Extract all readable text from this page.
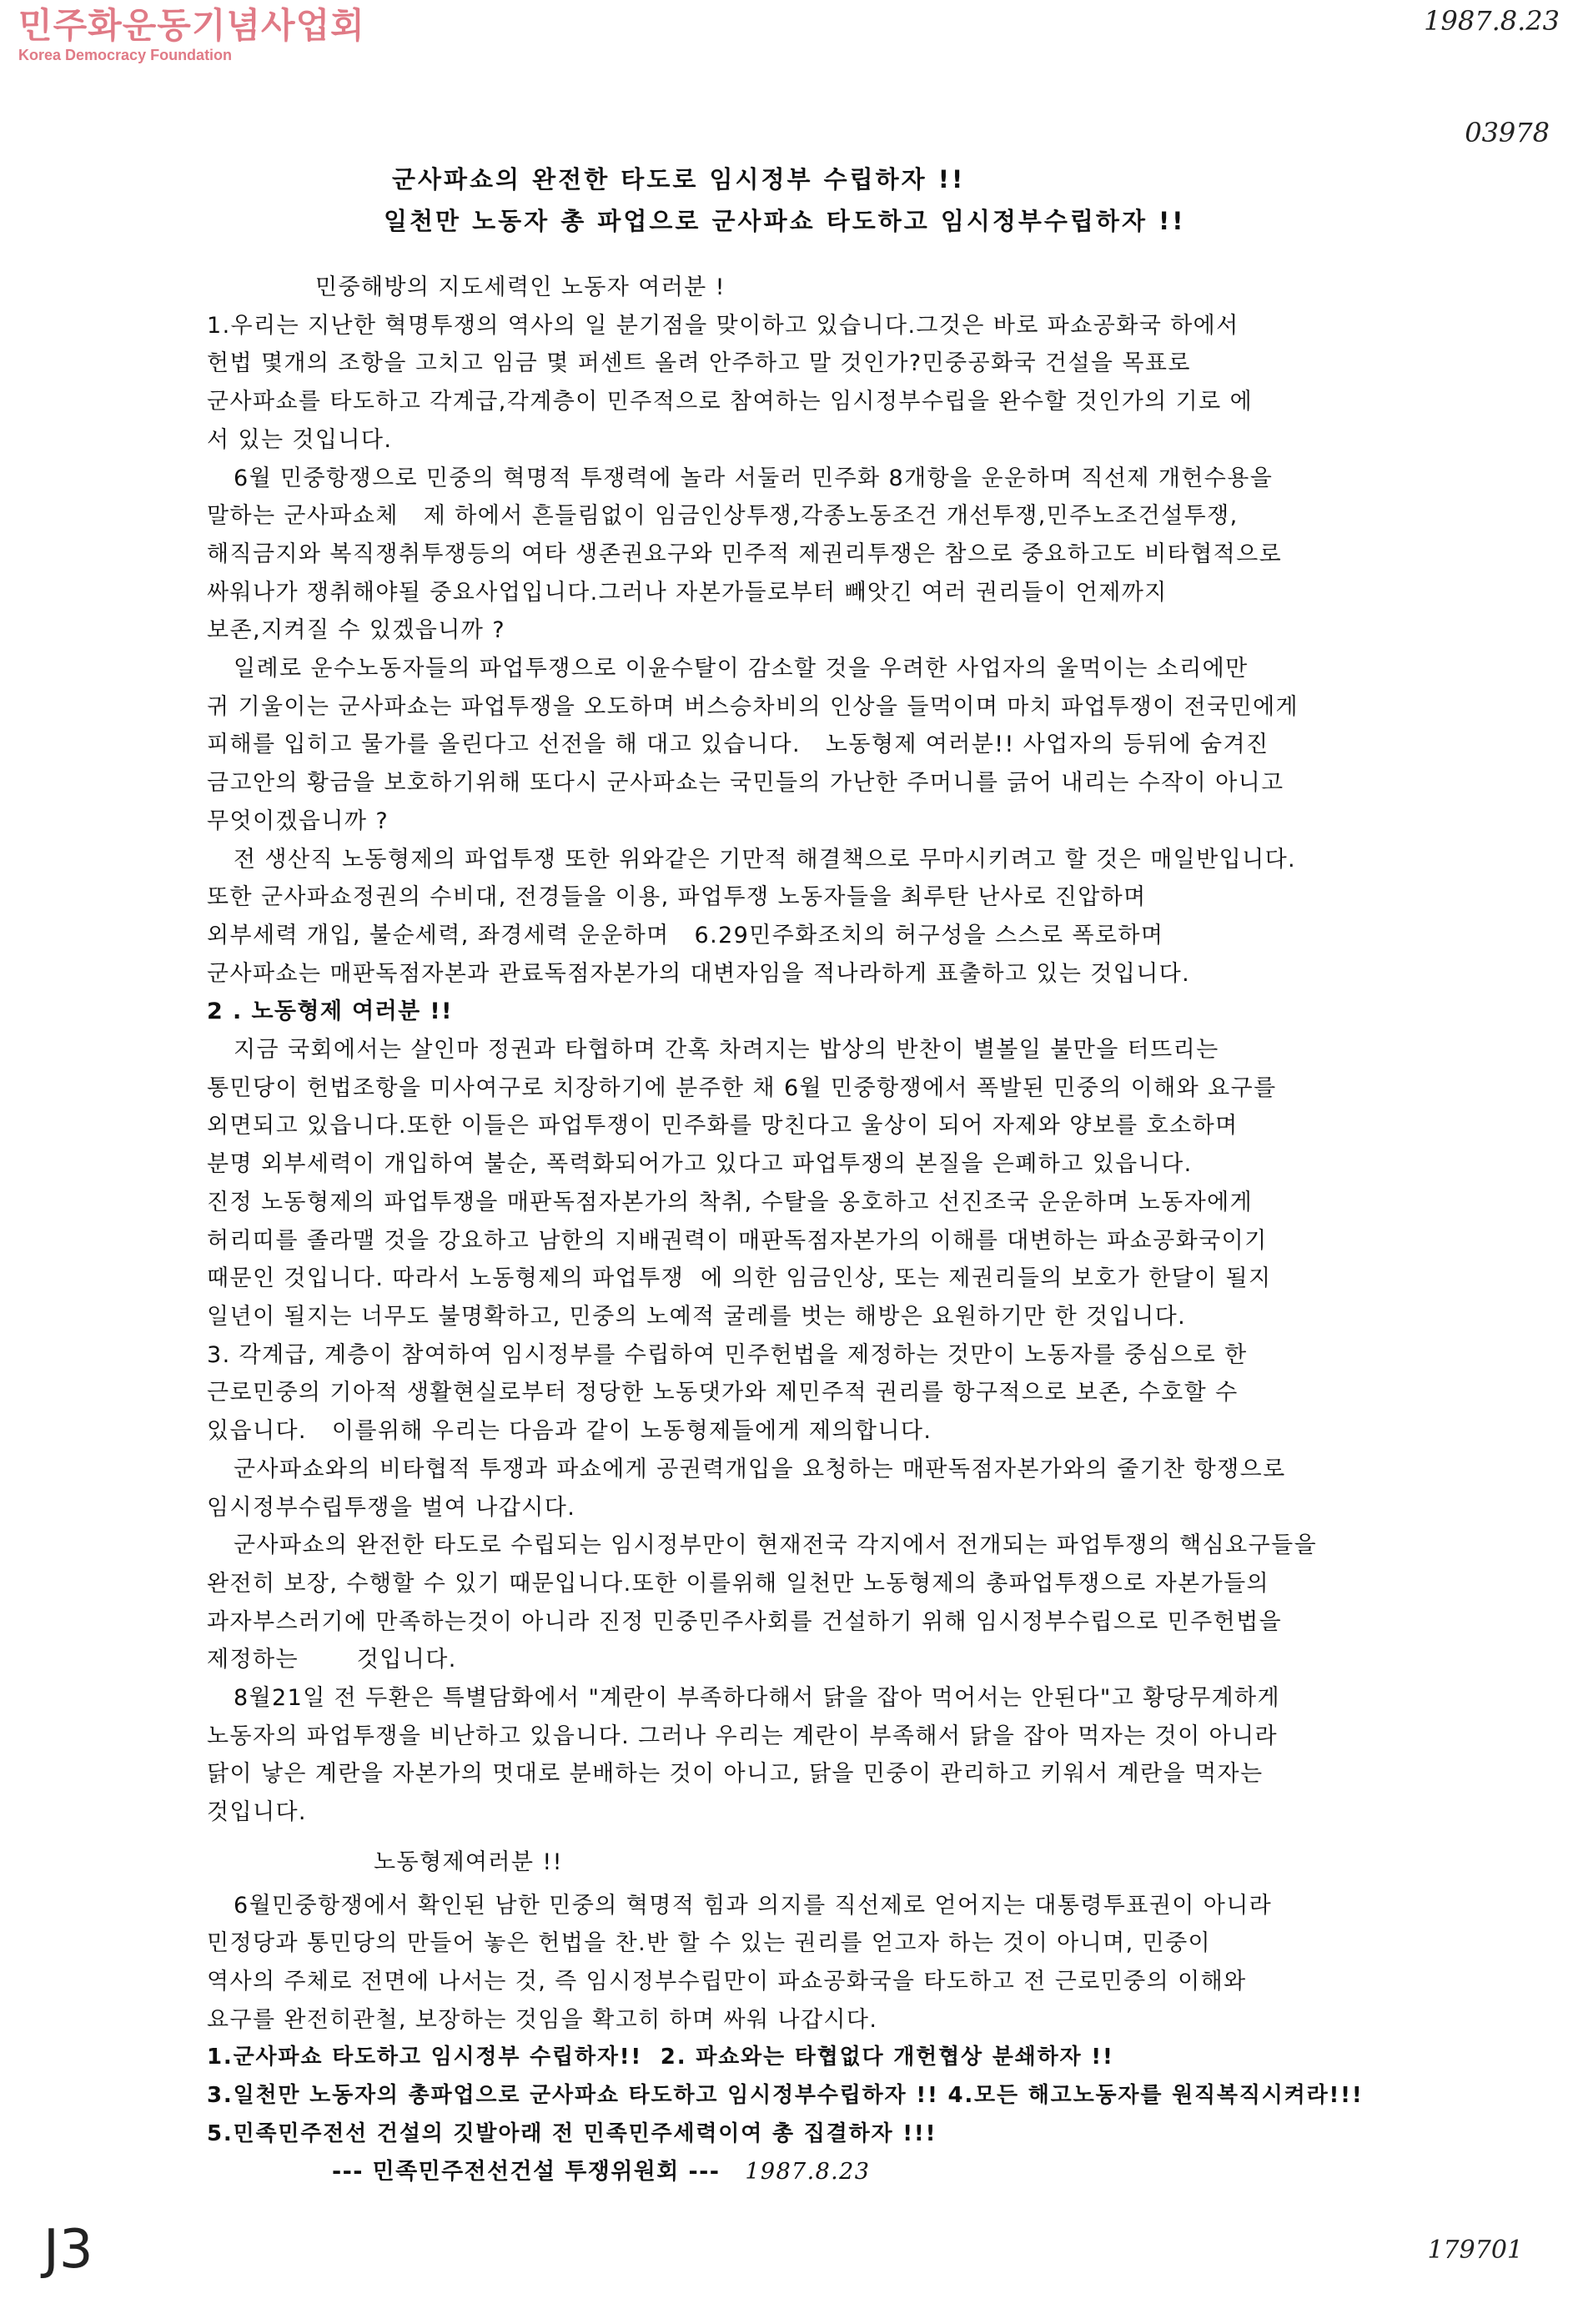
민주화운동기념사업회
Korea Democracy Foundation
1987.8.23
03978
군사파쇼의 완전한 타도로 임시정부 수립하자 !!
일천만 노동자 총 파업으로 군사파쇼 타도하고 임시정부수립하자 !!

민중해방의 지도세력인 노동자 여러분 !

1.우리는 지난한 혁명투쟁의 역사의 일 분기점을 맞이하고 있습니다.그것은 바로 파쇼공화국 하에서

헌법 몇개의 조항을 고치고 임금 몇 퍼센트 올려 안주하고 말 것인가?민중공화국 건설을 목표로

군사파쇼를 타도하고 각계급,각계층이 민주적으로 참여하는 임시정부수립을 완수할 것인가의 기로 에

서 있는 것입니다.

6월 민중항쟁으로 민중의 혁명적 투쟁력에 놀라 서둘러 민주화 8개항을 운운하며 직선제 개헌수용을

말하는 군사파쇼체   제 하에서 흔들림없이 임금인상투쟁,각종노동조건 개선투쟁,민주노조건설투쟁,

해직금지와 복직쟁취투쟁등의 여타 생존권요구와 민주적 제권리투쟁은 참으로 중요하고도 비타협적으로

싸워나가 쟁취해야될 중요사업입니다.그러나 자본가들로부터 빼앗긴 여러 권리들이 언제까지

보존,지켜질 수 있겠읍니까 ?

일례로 운수노동자들의 파업투쟁으로 이윤수탈이 감소할 것을 우려한 사업자의 울먹이는 소리에만

귀 기울이는 군사파쇼는 파업투쟁을 오도하며 버스승차비의 인상을 들먹이며 마치 파업투쟁이 전국민에게

피해를 입히고 물가를 올린다고 선전을 해 대고 있습니다.   노동형제 여러분!! 사업자의 등뒤에 숨겨진

금고안의 황금을 보호하기위해 또다시 군사파쇼는 국민들의 가난한 주머니를 긁어 내리는 수작이 아니고

무엇이겠읍니까 ?

전 생산직 노동형제의 파업투쟁 또한 위와같은 기만적 해결책으로 무마시키려고 할 것은 매일반입니다.

또한 군사파쇼정권의 수비대, 전경들을 이용, 파업투쟁 노동자들을 최루탄 난사로 진압하며

외부세력 개입, 불순세력, 좌경세력 운운하며   6.29민주화조치의 허구성을 스스로 폭로하며

군사파쇼는 매판독점자본과 관료독점자본가의 대변자임을 적나라하게 표출하고 있는 것입니다.

2 . 노동형제 여러분 !!

지금 국회에서는 살인마 정권과 타협하며 간혹 차려지는 밥상의 반찬이 별볼일 불만을 터뜨리는

통민당이 헌법조항을 미사여구로 치장하기에 분주한 채 6월 민중항쟁에서 폭발된 민중의 이해와 요구를

외면되고 있읍니다.또한 이들은 파업투쟁이 민주화를 망친다고 울상이 되어 자제와 양보를 호소하며

분명 외부세력이 개입하여 불순, 폭력화되어가고 있다고 파업투쟁의 본질을 은폐하고 있읍니다.

진정 노동형제의 파업투쟁을 매판독점자본가의 착취, 수탈을 옹호하고 선진조국 운운하며 노동자에게

허리띠를 졸라맬 것을 강요하고 남한의 지배권력이 매판독점자본가의 이해를 대변하는 파쇼공화국이기

때문인 것입니다. 따라서 노동형제의 파업투쟁  에 의한 임금인상, 또는 제권리들의 보호가 한달이 될지

일년이 될지는 너무도 불명확하고, 민중의 노예적 굴레를 벗는 해방은 요원하기만 한 것입니다.

3. 각계급, 계층이 참여하여 임시정부를 수립하여 민주헌법을 제정하는 것만이 노동자를 중심으로 한

근로민중의 기아적 생활현실로부터 정당한 노동댓가와 제민주적 권리를 항구적으로 보존, 수호할 수

있읍니다.   이를위해 우리는 다음과 같이 노동형제들에게 제의합니다.

군사파쇼와의 비타협적 투쟁과 파쇼에게 공권력개입을 요청하는 매판독점자본가와의 줄기찬 항쟁으로

임시정부수립투쟁을 벌여 나갑시다.

군사파쇼의 완전한 타도로 수립되는 임시정부만이 현재전국 각지에서 전개되는 파업투쟁의 핵심요구들을

완전히 보장, 수행할 수 있기 때문입니다.또한 이를위해 일천만 노동형제의 총파업투쟁으로 자본가들의

과자부스러기에 만족하는것이 아니라 진정 민중민주사회를 건설하기 위해 임시정부수립으로 민주헌법을

제정하는       것입니다.

8월21일 전 두환은 특별담화에서 "계란이 부족하다해서 닭을 잡아 먹어서는 안된다"고 황당무계하게

노동자의 파업투쟁을 비난하고 있읍니다. 그러나 우리는 계란이 부족해서 닭을 잡아 먹자는 것이 아니라

닭이 낳은 계란을 자본가의 멋대로 분배하는 것이 아니고, 닭을 민중이 관리하고 키워서 계란을 먹자는

것입니다.

노동형제여러분 !!

6월민중항쟁에서 확인된 남한 민중의 혁명적 힘과 의지를 직선제로 얻어지는 대통령투표권이 아니라

민정당과 통민당의 만들어 놓은 헌법을 찬.반 할 수 있는 권리를 얻고자 하는 것이 아니며, 민중이

역사의 주체로 전면에 나서는 것, 즉 임시정부수립만이 파쇼공화국을 타도하고 전 근로민중의 이해와

요구를 완전히관철, 보장하는 것임을 확고히 하며 싸워 나갑시다.

1.군사파쇼 타도하고 임시정부 수립하자!!  2. 파쇼와는 타협없다 개헌협상 분쇄하자 !!

3.일천만 노동자의 총파업으로 군사파쇼 타도하고 임시정부수립하자 !! 4.모든 해고노동자를 원직복직시켜라!!!

5.민족민주전선 건설의 깃발아래 전 민족민주세력이여 총 집결하자 !!!

--- 민족민주전선건설 투쟁위원회 --- 1987.8.23

J3	179701
